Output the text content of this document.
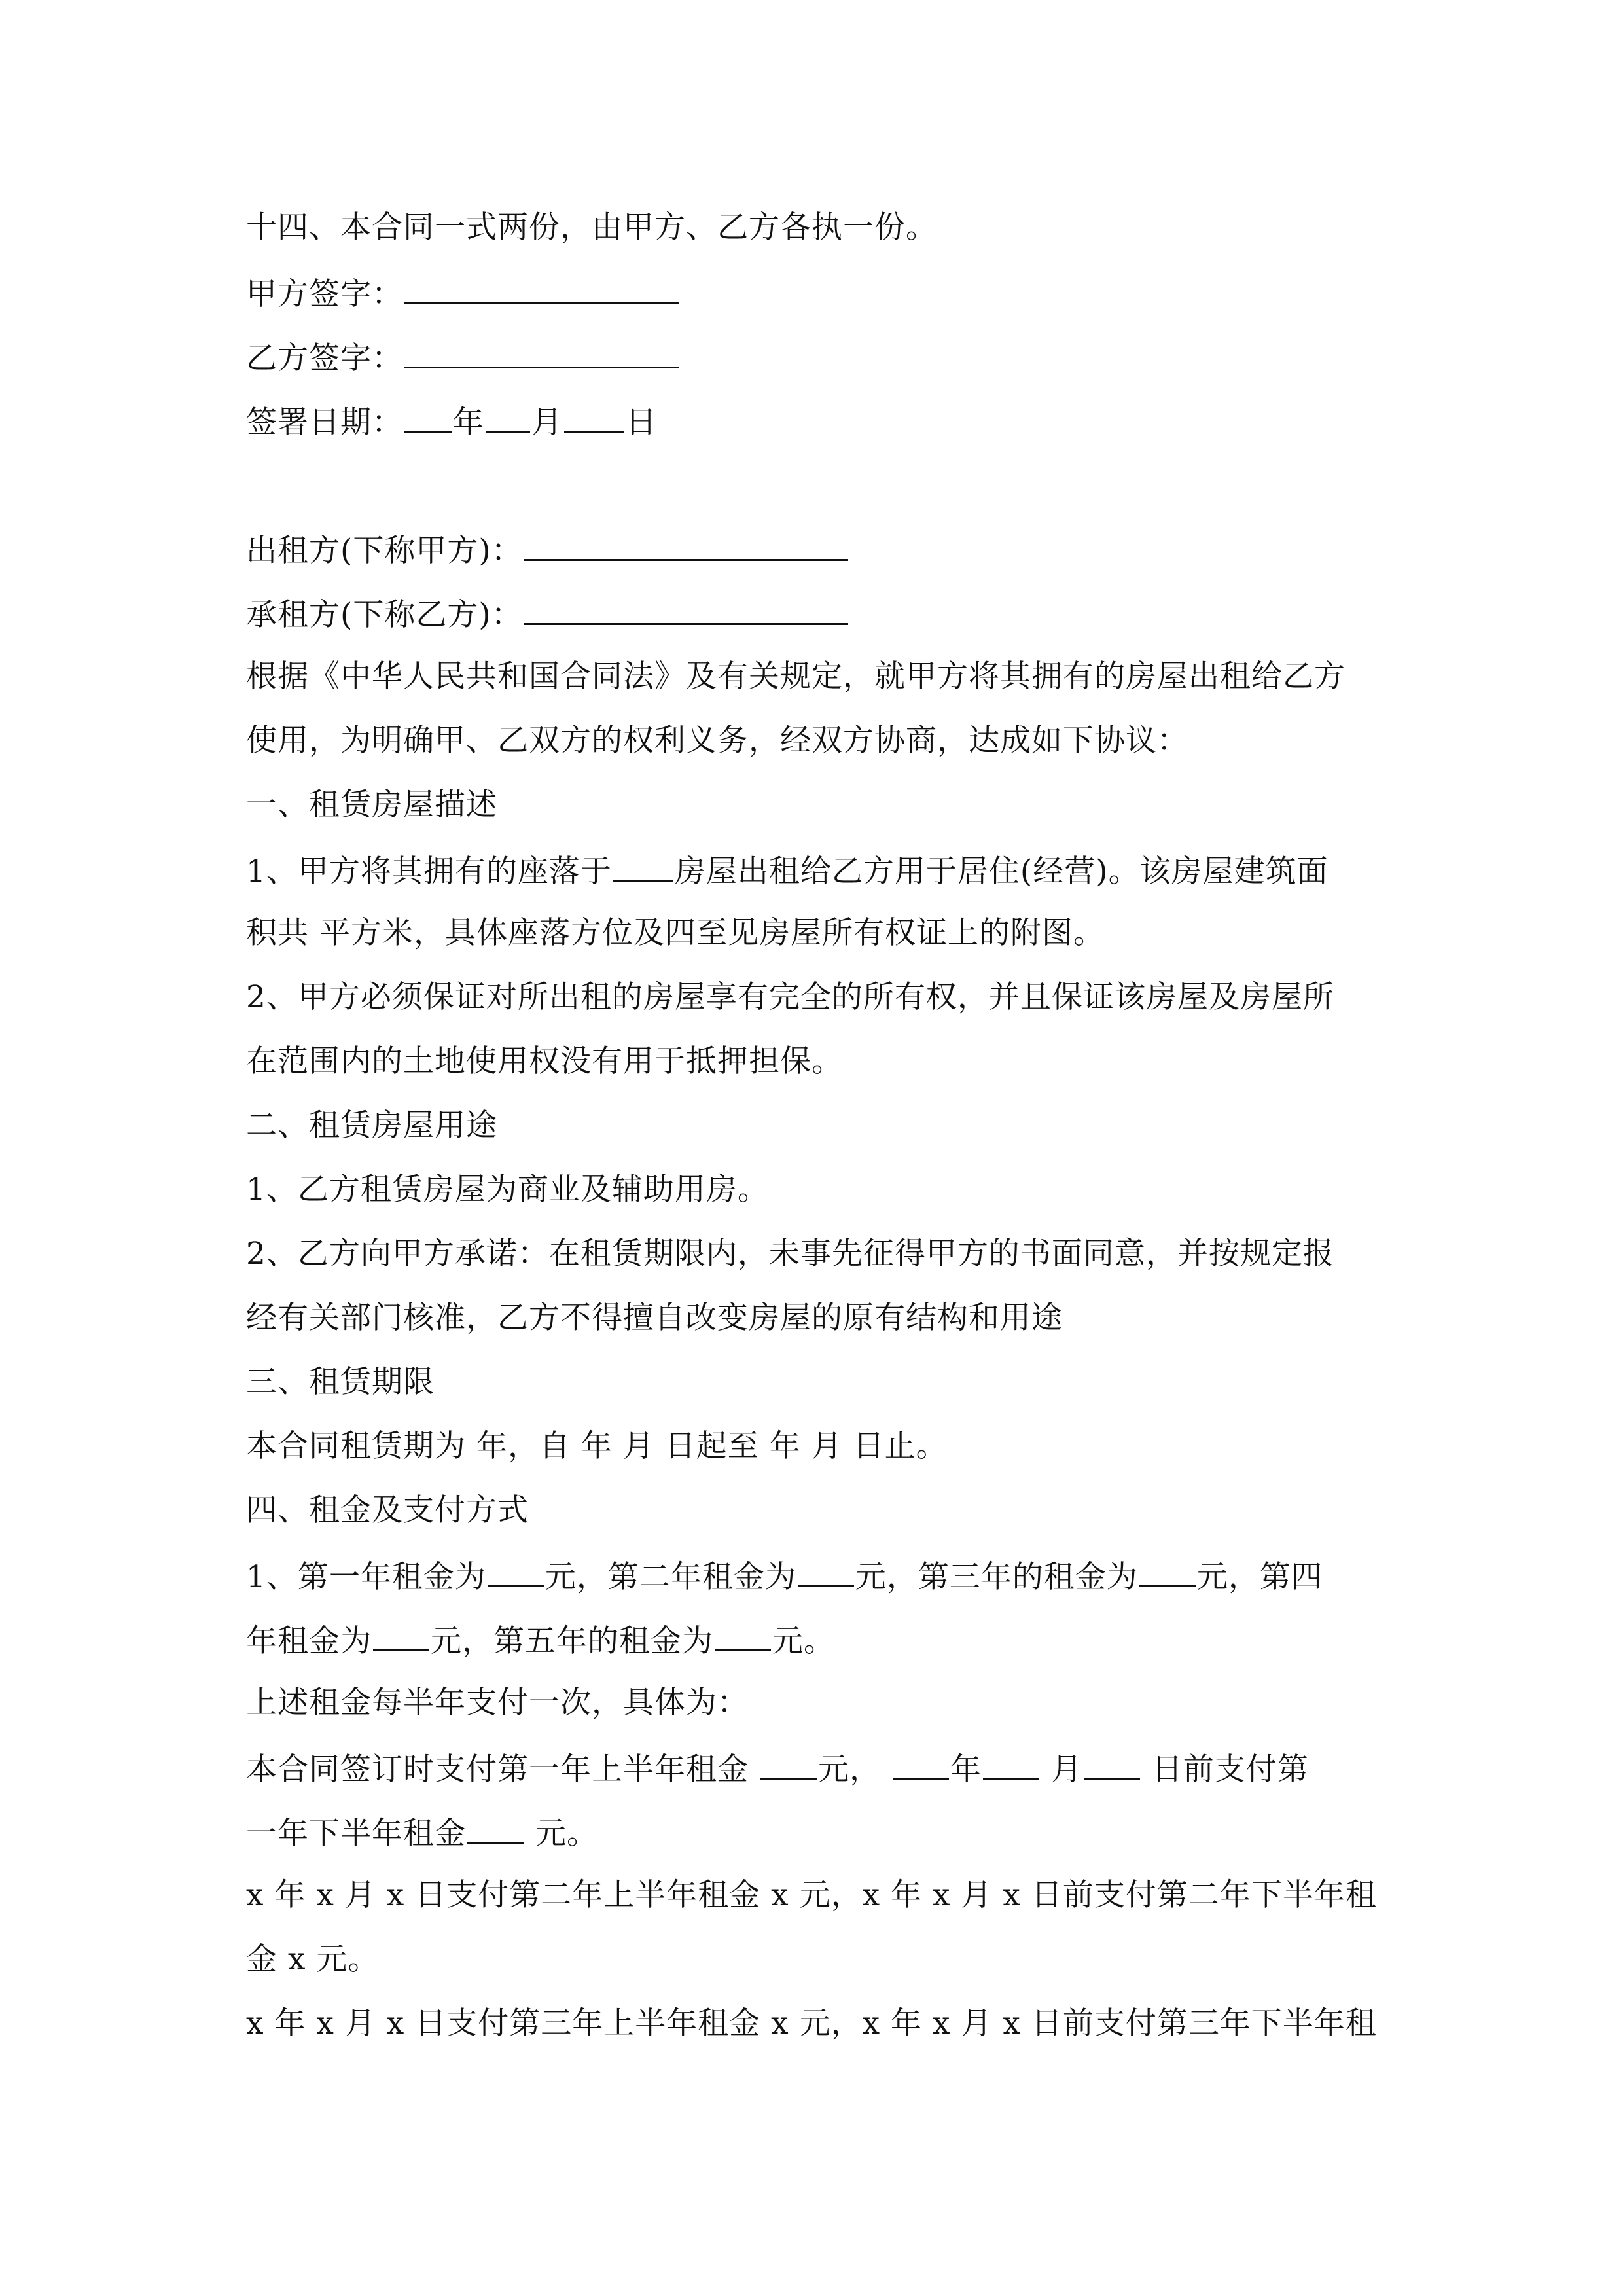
十四、本合同一式两份，由甲方、乙方各执一份。
甲方签字：
乙方签字：
签署日期： 年 月 日
出租方(下称甲方)：
承租方(下称乙方)：
根据《中华人民共和国合同法》及有关规定，就甲方将其拥有的房屋出租给乙方
使用，为明确甲、乙双方的权利义务，经双方协商，达成如下协议：
一、租赁房屋描述
1、甲方将其拥有的座落于 房屋出租给乙方用于居住(经营)。该房屋建筑面
积共 平方米，具体座落方位及四至见房屋所有权证上的附图。
2、甲方必须保证对所出租的房屋享有完全的所有权，并且保证该房屋及房屋所
在范围内的土地使用权没有用于抵押担保。
二、租赁房屋用途
1、乙方租赁房屋为商业及辅助用房。
2、乙方向甲方承诺：在租赁期限内，未事先征得甲方的书面同意，并按规定报
经有关部门核准，乙方不得擅自改变房屋的原有结构和用途
三、租赁期限
本合同租赁期为 年，自 年 月 日起至 年 月 日止。
四、租金及支付方式
1、第一年租金为 元，第二年租金为 元，第三年的租金为 元，第四
年租金为 元，第五年的租金为 元。
上述租金每半年支付一次，具体为：
本合同签订时支付第一年上半年租金 元， 年 月 日前支付第
一年下半年租金 元。
x 年 x 月 x 日支付第二年上半年租金 x 元，x 年 x 月 x 日前支付第二年下半年租
金 x 元。
x 年 x 月 x 日支付第三年上半年租金 x 元，x 年 x 月 x 日前支付第三年下半年租
